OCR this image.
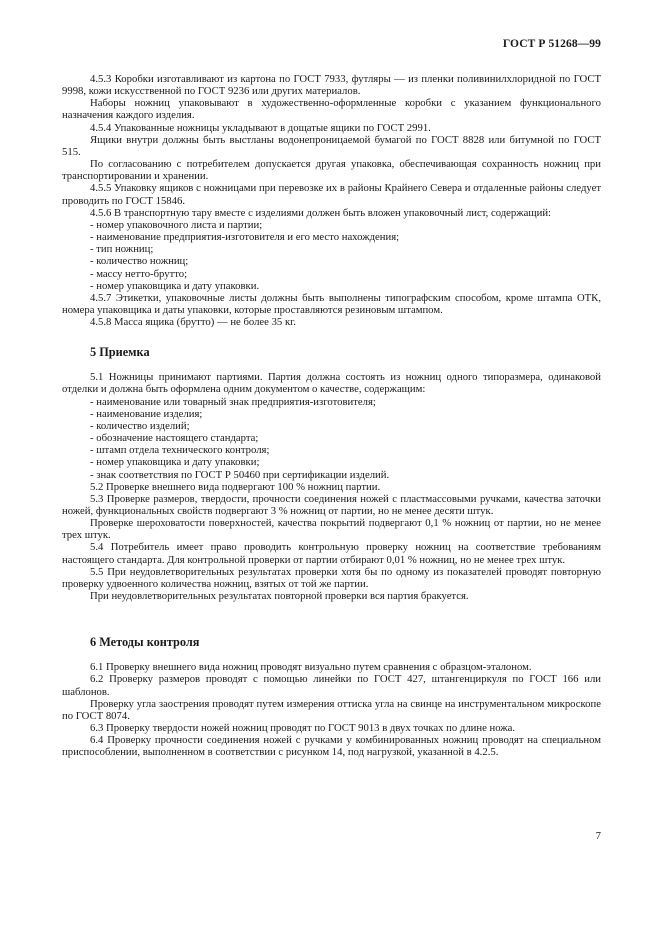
ГОСТ Р 51268—99

4.5.3 Коробки изготавливают из картона по ГОСТ 7933, футляры — из пленки поливинилхлоридной по ГОСТ 9998, кожи искусственной по ГОСТ 9236 или других материалов.

Наборы ножниц упаковывают в художественно-оформленные коробки с указанием функционального назначения каждого изделия.

4.5.4 Упакованные ножницы укладывают в дощатые ящики по ГОСТ 2991.

Ящики внутри должны быть выстланы водонепроницаемой бумагой по ГОСТ 8828 или битумной по ГОСТ 515.

По согласованию с потребителем допускается другая упаковка, обеспечивающая сохранность ножниц при транспортировании и хранении.

4.5.5 Упаковку ящиков с ножницами при перевозке их в районы Крайнего Севера и отдаленные районы следует проводить по ГОСТ 15846.

4.5.6 В транспортную тару вместе с изделиями должен быть вложен упаковочный лист, содержащий:

- номер упаковочного листа и партии;

- наименование предприятия-изготовителя и его место нахождения;

- тип ножниц;

- количество ножниц;

- массу нетто-брутто;

- номер упаковщика и дату упаковки.

4.5.7 Этикетки, упаковочные листы должны быть выполнены типографским способом, кроме штампа ОТК, номера упаковщика и даты упаковки, которые проставляются резиновым штампом.

4.5.8 Масса ящика (брутто) — не более 35 кг.

5 Приемка

5.1 Ножницы принимают партиями. Партия должна состоять из ножниц одного типоразмера, одинаковой отделки и должна быть оформлена одним документом о качестве, содержащим:

- наименование или товарный знак предприятия-изготовителя;

- наименование изделия;

- количество изделий;

- обозначение настоящего стандарта;

- штамп отдела технического контроля;

- номер упаковщика и дату упаковки;

- знак соответствия по ГОСТ Р 50460 при сертификации изделий.

5.2 Проверке внешнего вида подвергают 100 % ножниц партии.

5.3 Проверке размеров, твердости, прочности соединения ножей с пластмассовыми ручками, качества заточки ножей, функциональных свойств подвергают 3 % ножниц от партии, но не менее десяти штук.

Проверке шероховатости поверхностей, качества покрытий подвергают 0,1 % ножниц от партии, но не менее трех штук.

5.4 Потребитель имеет право проводить контрольную проверку ножниц на соответствие требованиям настоящего стандарта. Для контрольной проверки от партии отбирают 0,01 % ножниц, но не менее трех штук.

5.5 При неудовлетворительных результатах проверки хотя бы по одному из показателей проводят повторную проверку удвоенного количества ножниц, взятых от той же партии.

При неудовлетворительных результатах повторной проверки вся партия бракуется.

6 Методы контроля

6.1 Проверку внешнего вида ножниц проводят визуально путем сравнения с образцом-эталоном.

6.2 Проверку размеров проводят с помощью линейки по ГОСТ 427, штангенциркуля по ГОСТ 166 или шаблонов.

Проверку угла заострения проводят путем измерения оттиска угла на свинце на инструментальном микроскопе по ГОСТ 8074.

6.3 Проверку твердости ножей ножниц проводят по ГОСТ 9013 в двух точках по длине ножа.

6.4 Проверку прочности соединения ножей с ручками у комбинированных ножниц проводят на специальном приспособлении, выполненном в соответствии с рисунком 14, под нагрузкой, указанной в 4.2.5.

7
